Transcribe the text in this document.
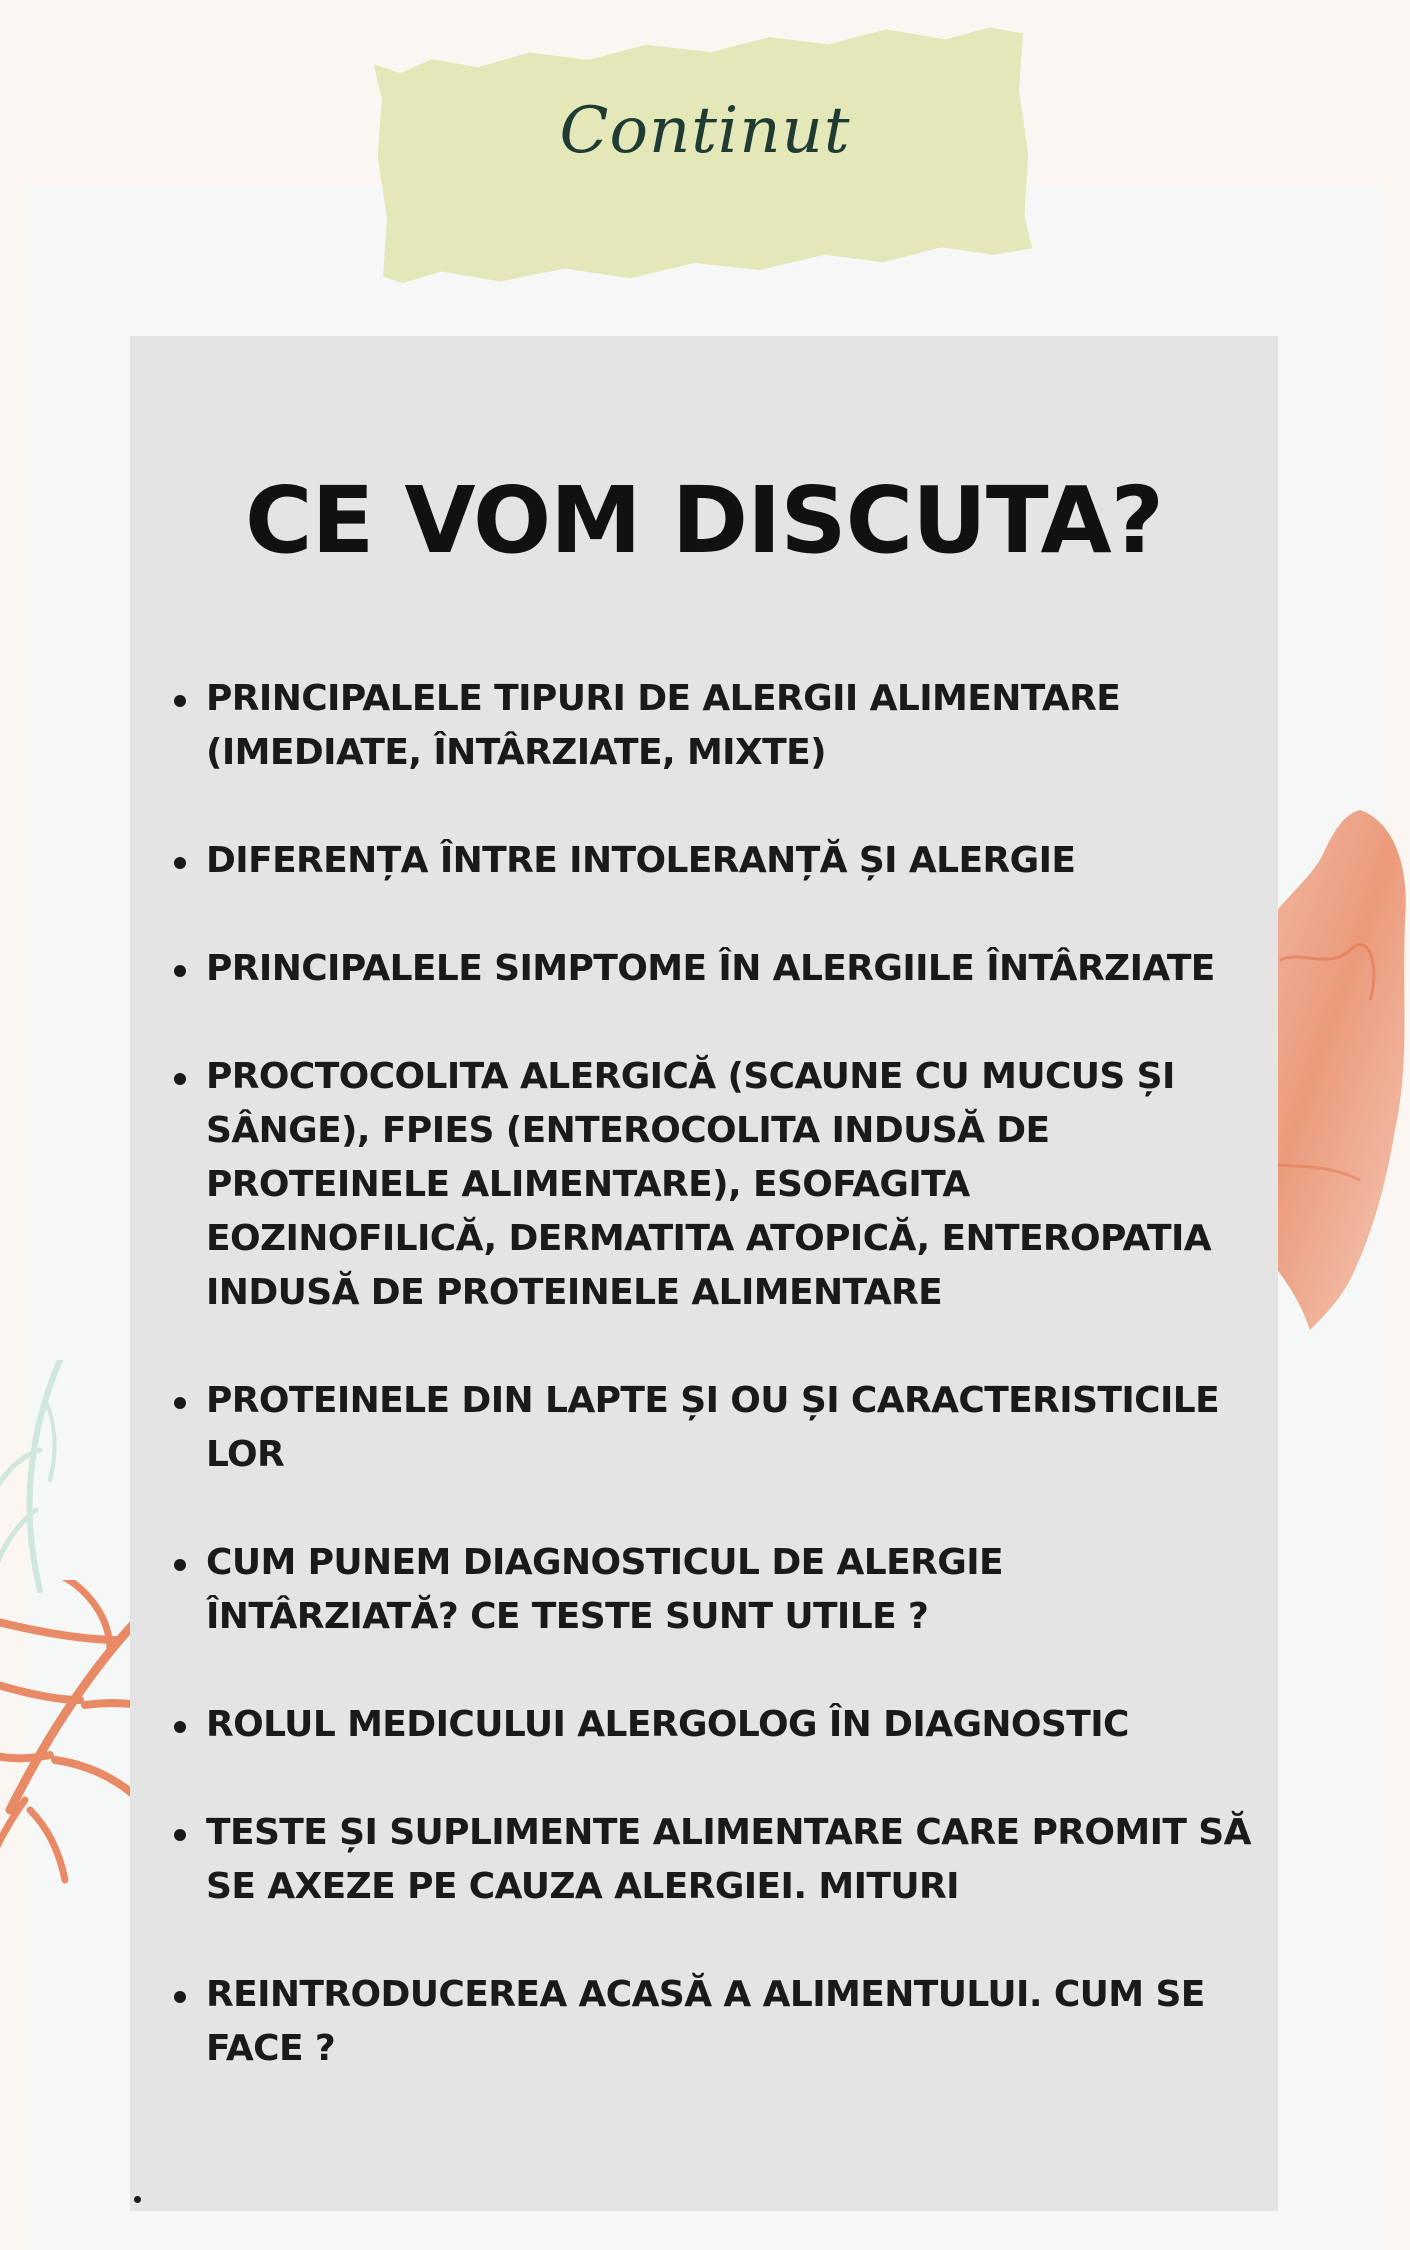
Continut
CE VOM DISCUTA?
PRINCIPALELE TIPURI DE ALERGII ALIMENTARE (IMEDIATE, ÎNTÂRZIATE, MIXTE)
DIFERENȚA ÎNTRE INTOLERANȚĂ ȘI ALERGIE
PRINCIPALELE SIMPTOME ÎN ALERGIILE ÎNTÂRZIATE
PROCTOCOLITA ALERGICĂ (SCAUNE CU MUCUS ȘI SÂNGE), FPIES (ENTEROCOLITA INDUSĂ DE PROTEINELE ALIMENTARE), ESOFAGITA EOZINOFILICĂ, DERMATITA ATOPICĂ, ENTEROPATIA INDUSĂ DE PROTEINELE ALIMENTARE
PROTEINELE DIN LAPTE ȘI OU ȘI CARACTERISTICILE LOR
CUM PUNEM DIAGNOSTICUL DE ALERGIE ÎNTÂRZIATĂ? CE TESTE SUNT UTILE ?
ROLUL MEDICULUI ALERGOLOG ÎN DIAGNOSTIC
TESTE ȘI SUPLIMENTE ALIMENTARE CARE PROMIT SĂ SE AXEZE PE CAUZA ALERGIEI. MITURI
REINTRODUCEREA ACASĂ A ALIMENTULUI. CUM SE FACE ?
